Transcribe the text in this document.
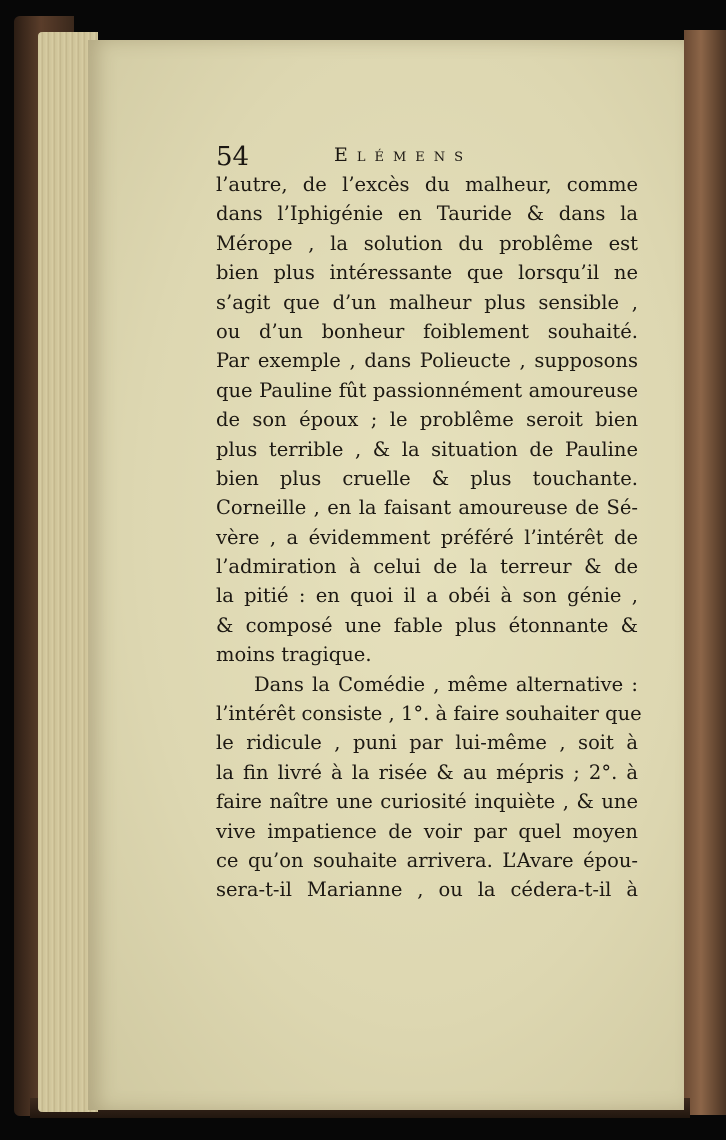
54	Elémens
l’autre, de l’excès du malheur, comme
dans l’Iphigénie en Tauride & dans la
Mérope , la solution du problême est
bien plus intéressante que lorsqu’il ne
s’agit que d’un malheur plus sensible ,
ou d’un bonheur foiblement souhaité.
Par exemple , dans Polieucte , supposons
que Pauline fût passionnément amoureuse
de son époux ; le problême seroit bien
plus terrible , & la situation de Pauline
bien plus cruelle & plus touchante.
Corneille , en la faisant amoureuse de Sé-
vère , a évidemment préféré l’intérêt de
l’admiration à celui de la terreur & de
la pitié : en quoi il a obéi à son génie ,
& composé une fable plus étonnante &
moins tragique.
Dans la Comédie , même alternative :
l’intérêt consiste , 1°. à faire souhaiter que
le ridicule , puni par lui-même , soit à
la fin livré à la risée & au mépris ; 2°. à
faire naître une curiosité inquiète , & une
vive impatience de voir par quel moyen
ce qu’on souhaite arrivera. L’Avare épou-
sera-t-il Marianne , ou la cédera-t-il à
